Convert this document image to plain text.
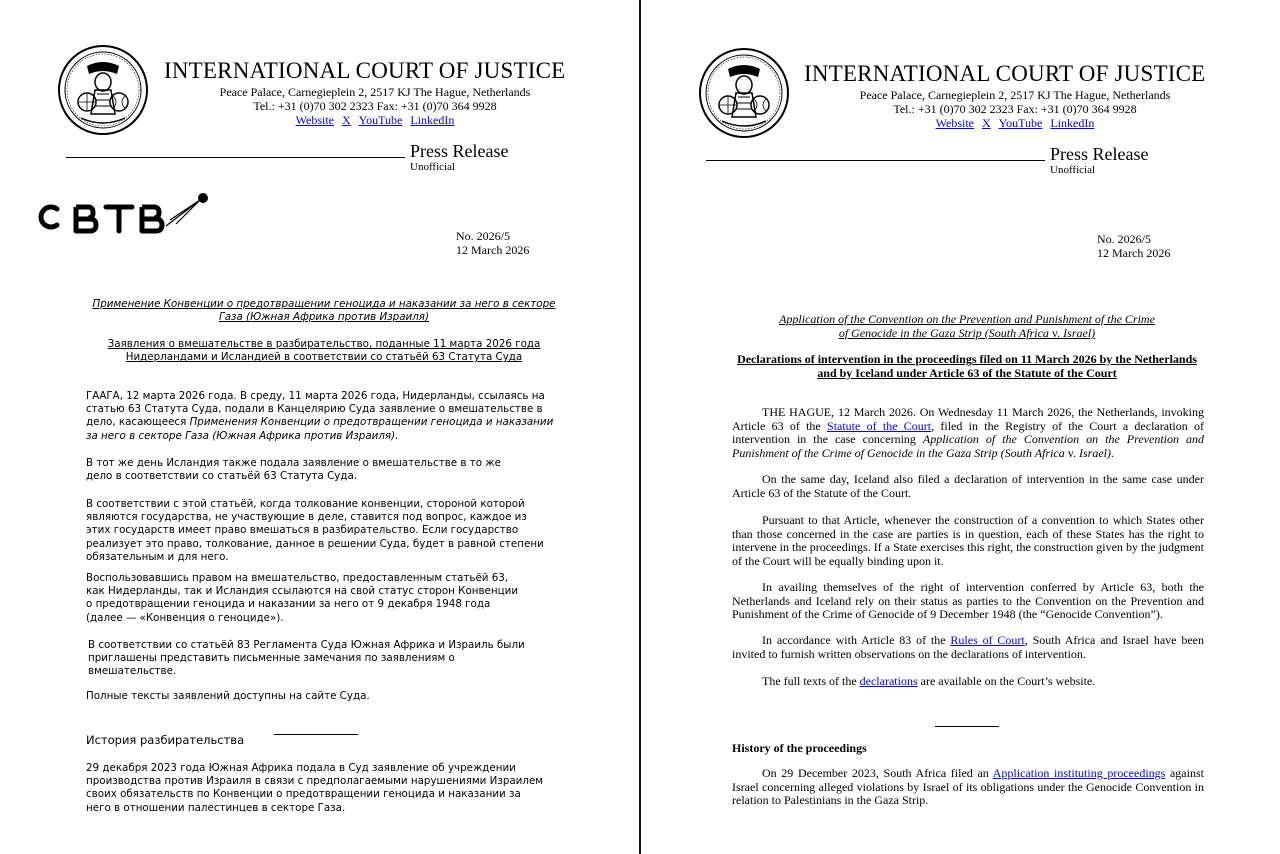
INTERNATIONAL COURT OF JUSTICE
Peace Palace, Carnegieplein 2, 2517 KJ The Hague, Netherlands
Tel.: +31 (0)70 302 2323 Fax: +31 (0)70 364 9928
Website X YouTube LinkedIn
Press Release
Unofficial
No. 2026/5
12 March 2026
Применение Конвенции о предотвращении геноцида и наказании за него в секторе
Газа (Южная Африка против Израиля)
Заявления о вмешательстве в разбирательство, поданные 11 марта 2026 года
Нидерландами и Исландией в соответствии со статьёй 63 Статута Суда
ГААГА, 12 марта 2026 года. В среду, 11 марта 2026 года, Нидерланды, ссылаясь на статью 63 Статута Суда, подали в Канцелярию Суда заявление о вмешательстве в дело, касающееся Применения Конвенции о предотвращении геноцида и наказании за него в секторе Газа (Южная Африка против Израиля).
В тот же день Исландия также подала заявление о вмешательстве в то же дело в соответствии со статьёй 63 Статута Суда.
В соответствии с этой статьёй, когда толкование конвенции, стороной которой являются государства, не участвующие в деле, ставится под вопрос, каждое из этих государств имеет право вмешаться в разбирательство. Если государство реализует это право, толкование, данное в решении Суда, будет в равной степени обязательным и для него.
Воспользовавшись правом на вмешательство, предоставленным статьёй 63, как Нидерланды, так и Исландия ссылаются на свой статус сторон Конвенции о предотвращении геноцида и наказании за него от 9 декабря 1948 года (далее — «Конвенция о геноциде»).
В соответствии со статьёй 83 Регламента Суда Южная Африка и Израиль были приглашены представить письменные замечания по заявлениям о вмешательстве.
Полные тексты заявлений доступны на сайте Суда.
История разбирательства
29 декабря 2023 года Южная Африка подала в Суд заявление об учреждении производства против Израиля в связи с предполагаемыми нарушениями Израилем своих обязательств по Конвенции о предотвращении геноцида и наказании за него в отношении палестинцев в секторе Газа.
INTERNATIONAL COURT OF JUSTICE
Peace Palace, Carnegieplein 2, 2517 KJ The Hague, Netherlands
Tel.: +31 (0)70 302 2323 Fax: +31 (0)70 364 9928
Website X YouTube LinkedIn
Press Release
Unofficial
No. 2026/5
12 March 2026
Application of the Convention on the Prevention and Punishment of the Crime
of Genocide in the Gaza Strip (South Africa v. Israel)
Declarations of intervention in the proceedings filed on 11 March 2026 by the Netherlands
and by Iceland under Article 63 of the Statute of the Court
THE HAGUE, 12 March 2026. On Wednesday 11 March 2026, the Netherlands, invoking Article 63 of the Statute of the Court, filed in the Registry of the Court a declaration of intervention in the case concerning Application of the Convention on the Prevention and Punishment of the Crime of Genocide in the Gaza Strip (South Africa v. Israel).
On the same day, Iceland also filed a declaration of intervention in the same case under Article 63 of the Statute of the Court.
Pursuant to that Article, whenever the construction of a convention to which States other than those concerned in the case are parties is in question, each of these States has the right to intervene in the proceedings. If a State exercises this right, the construction given by the judgment of the Court will be equally binding upon it.
In availing themselves of the right of intervention conferred by Article 63, both the Netherlands and Iceland rely on their status as parties to the Convention on the Prevention and Punishment of the Crime of Genocide of 9 December 1948 (the “Genocide Convention”).
In accordance with Article 83 of the Rules of Court, South Africa and Israel have been invited to furnish written observations on the declarations of intervention.
The full texts of the declarations are available on the Court’s website.
History of the proceedings
On 29 December 2023, South Africa filed an Application instituting proceedings against Israel concerning alleged violations by Israel of its obligations under the Genocide Convention in relation to Palestinians in the Gaza Strip.
